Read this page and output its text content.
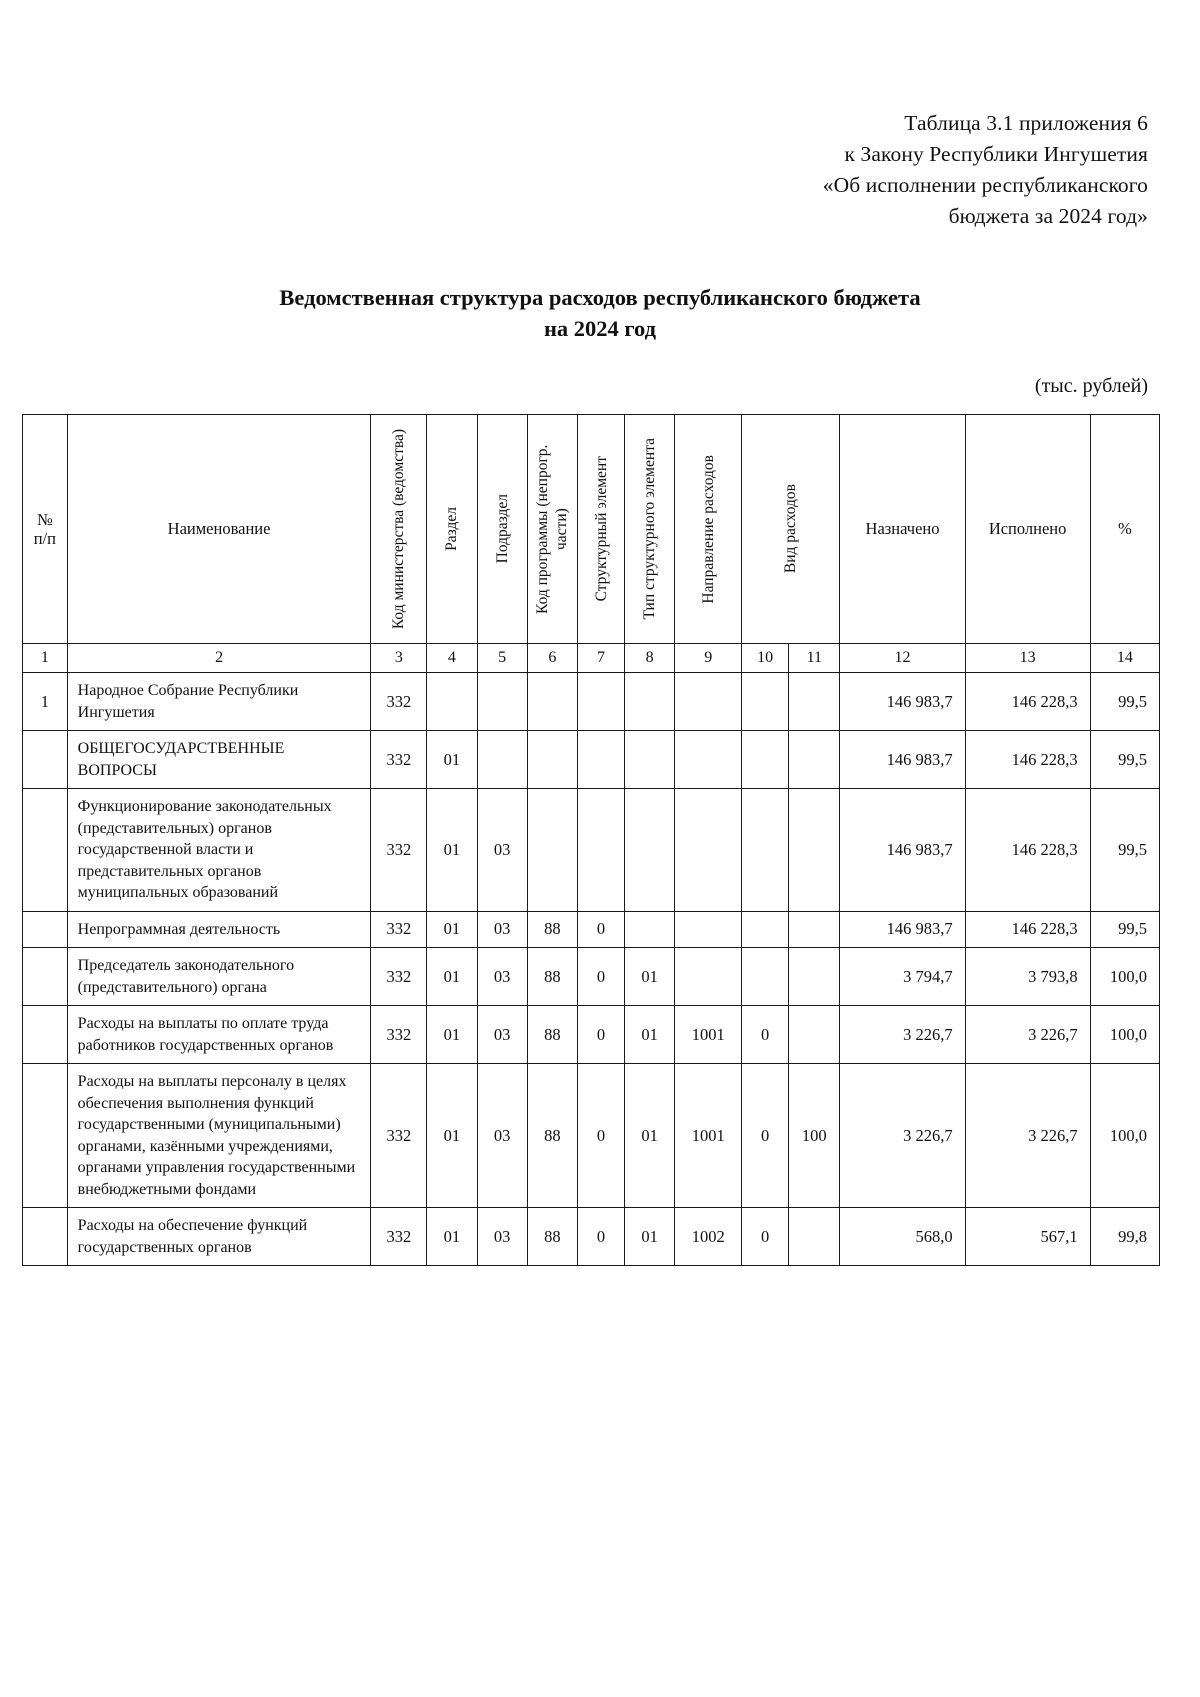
Таблица 3.1 приложения 6
к Закону Республики Ингушетия
«Об исполнении республиканского
бюджета за 2024 год»
Ведомственная структура расходов республиканского бюджета
на 2024 год
(тыс. рублей)
№
п/п	Наименование	Код министерства (ведомства)	Раздел	Подраздел	Код программы (непрогр. части)	Структурный элемент	Тип структурного элемента	Направление расходов	Вид расходов		Назначено	Исполнено	%

1	2	3	4	5	6	7	8	9	10	11	12	13	14
1	Народное Собрание Республики Ингушетия	332									146 983,7	146 228,3	99,5
	ОБЩЕГОСУДАРСТВЕННЫЕ ВОПРОСЫ	332	01								146 983,7	146 228,3	99,5
	Функционирование законодательных (представительных) органов государственной власти и представительных органов муниципальных образований	332	01	03							146 983,7	146 228,3	99,5
	Непрограммная деятельность	332	01	03	88	0					146 983,7	146 228,3	99,5
	Председатель законодательного (представительного) органа	332	01	03	88	0	01				3 794,7	3 793,8	100,0
	Расходы на выплаты по оплате труда работников государственных органов	332	01	03	88	0	01	1001	0		3 226,7	3 226,7	100,0
	Расходы на выплаты персоналу в целях обеспечения выполнения функций государственными (муниципальными) органами, казёнными учреждениями, органами управления государственными внебюджетными фондами	332	01	03	88	0	01	1001	0	100	3 226,7	3 226,7	100,0
	Расходы на обеспечение функций государственных органов	332	01	03	88	0	01	1002	0		568,0	567,1	99,8
